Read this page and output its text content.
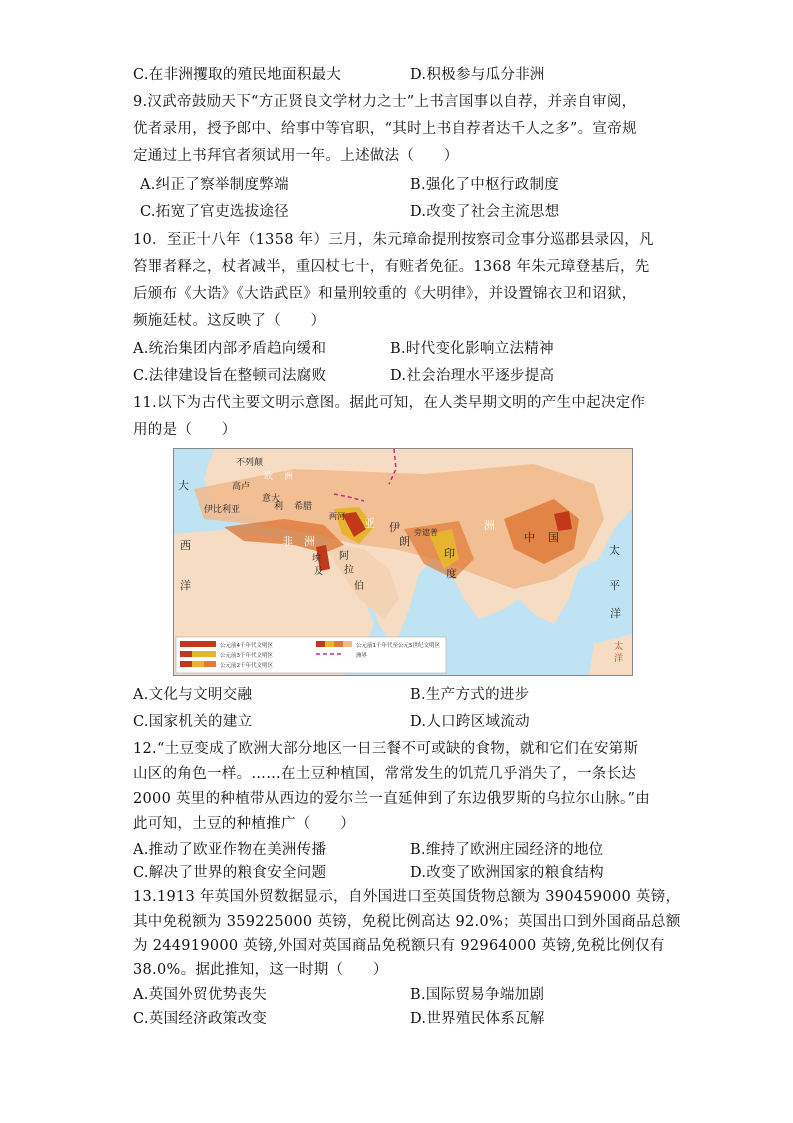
C.在非洲攫取的殖民地面积最大	D.积极参与瓜分非洲
9.汉武帝鼓励天下“方正贤良文学材力之士”上书言国事以自荐，并亲自审阅，
优者录用，授予郎中、给事中等官职，“其时上书自荐者达千人之多”。宣帝规
定通过上书拜官者须试用一年。上述做法（　　）
A.纠正了察举制度弊端	B.强化了中枢行政制度
C.拓宽了官吏选拔途径	D.改变了社会主流思想
10．至正十八年（1358 年）三月，朱元璋命提刑按察司佥事分巡郡县录囚，凡
笞罪者释之，杖者减半，重囚杖七十，有赃者免征。1368 年朱元璋登基后，先
后颁布《大诰》《大诰武臣》和量刑较重的《大明律》，并设置锦衣卫和诏狱，
频施廷杖。这反映了（　　）
A.统治集团内部矛盾趋向缓和	B.时代变化影响立法精神
C.法律建设旨在整顿司法腐败	D.社会治理水平逐步提高
11.以下为古代主要文明示意图。据此可知，在人类早期文明的产生中起决定作
用的是（　　）
不列颠
欧 洲
高卢
伊比利亚
意大
利 希腊
亚	洲
伊
朗	中 国
非 洲
阿
拉
伯
印
度
大
西
洋
太
平
洋
两河
旁遮普
埃
及
太
洋
公元前4千年代文明区
公元前3千年代文明区
公元前2千年代文明区
公元前1千年代至公元5世纪文明区
洲界
A.文化与文明交融	B.生产方式的进步
C.国家机关的建立	D.人口跨区域流动
12.“土豆变成了欧洲大部分地区一日三餐不可或缺的食物，就和它们在安第斯
山区的角色一样。……在土豆种植国，常常发生的饥荒几乎消失了，一条长达
2000 英里的种植带从西边的爱尔兰一直延伸到了东边俄罗斯的乌拉尔山脉。”由
此可知，土豆的种植推广（　　）
A.推动了欧亚作物在美洲传播	B.维持了欧洲庄园经济的地位
C.解决了世界的粮食安全问题	D.改变了欧洲国家的粮食结构
13.1913 年英国外贸数据显示，自外国进口至英国货物总额为 390459000 英镑，
其中免税额为 359225000 英镑，免税比例高达 92.0%；英国出口到外国商品总额
为 244919000 英镑,外国对英国商品免税额只有 92964000 英镑,免税比例仅有
38.0%。据此推知，这一时期（　　）
A.英国外贸优势丧失	B.国际贸易争端加剧
C.英国经济政策改变	D.世界殖民体系瓦解
